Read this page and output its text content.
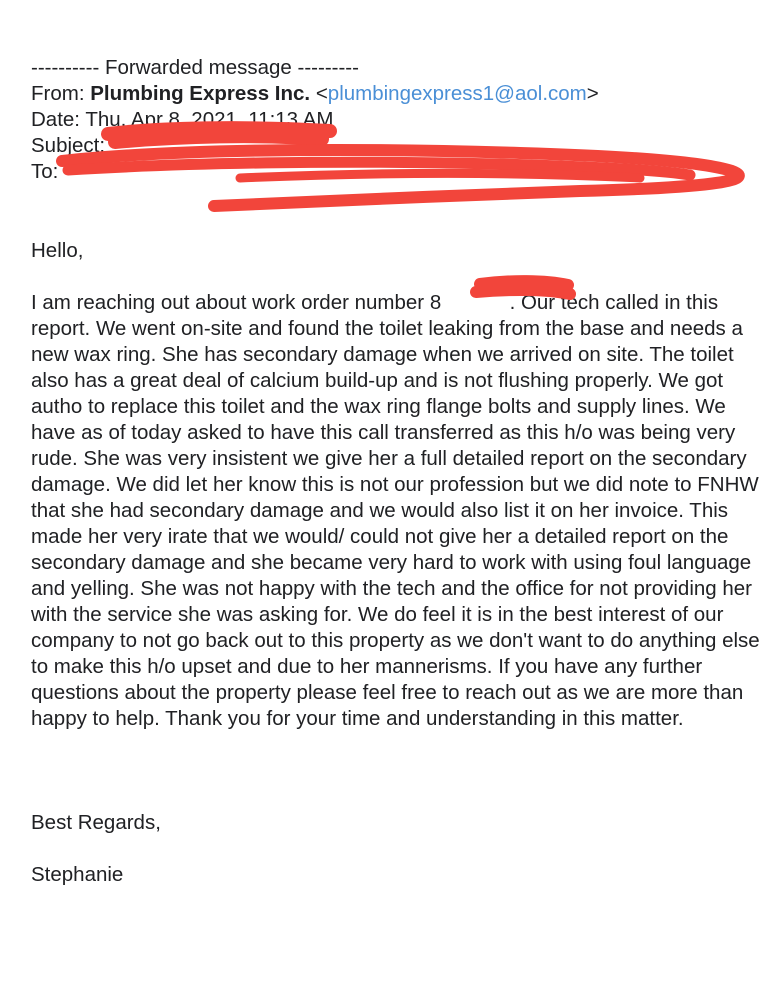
---------- Forwarded message ---------
From: Plumbing Express Inc. <plumbingexpress1@aol.com>
Date: Thu, Apr 8, 2021, 11:13 AM
Subject:
To:	>
Hello,
I am reaching out about work order number 8            . Our tech called in this report. We went on-site and found the toilet leaking from the base and needs a new wax ring. She has secondary damage when we arrived on site. The toilet also has a great deal of calcium build-up and is not flushing properly. We got autho to replace this toilet and the wax ring flange bolts and supply lines. We have as of today asked to have this call transferred as this h/o was being very rude. She was very insistent we give her a full detailed report on the secondary damage. We did let her know this is not our profession but we did note to FNHW that she had secondary damage and we would also list it on her invoice. This made her very irate that we would/ could not give her a detailed report on the secondary damage and she became very hard to work with using foul language and yelling. She was not happy with the tech and the office for not providing her with the service she was asking for. We do feel it is in the best interest of our company to not go back out to this property as we don't want to do anything else to make this h/o upset and due to her mannerisms. If you have any further questions about the property please feel free to reach out as we are more than happy to help. Thank you for your time and understanding in this matter.
Best Regards,
Stephanie
